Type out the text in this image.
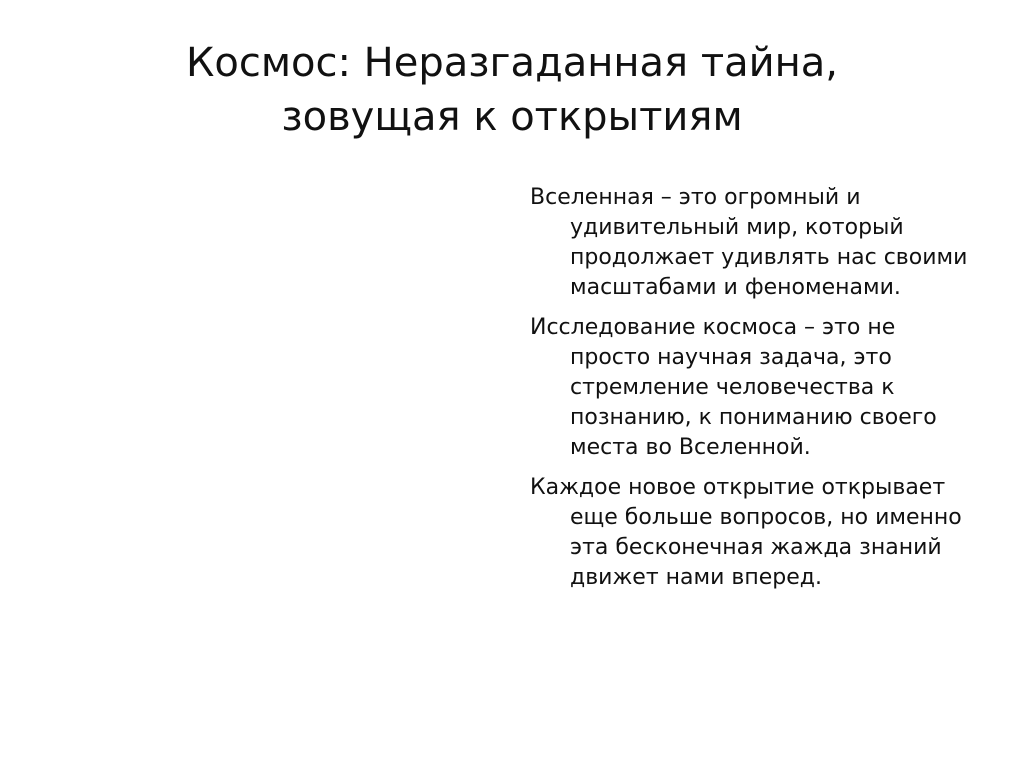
Космос: Неразгаданная тайна,
зовущая к открытиям

Вселенная – это огромный и удивительный мир, который продолжает удивлять нас своими масштабами и феноменами.

Исследование космоса – это не просто научная задача, это стремление человечества к познанию, к пониманию своего места во Вселенной.

Каждое новое открытие открывает еще больше вопросов, но именно эта бесконечная жажда знаний движет нами вперед.
